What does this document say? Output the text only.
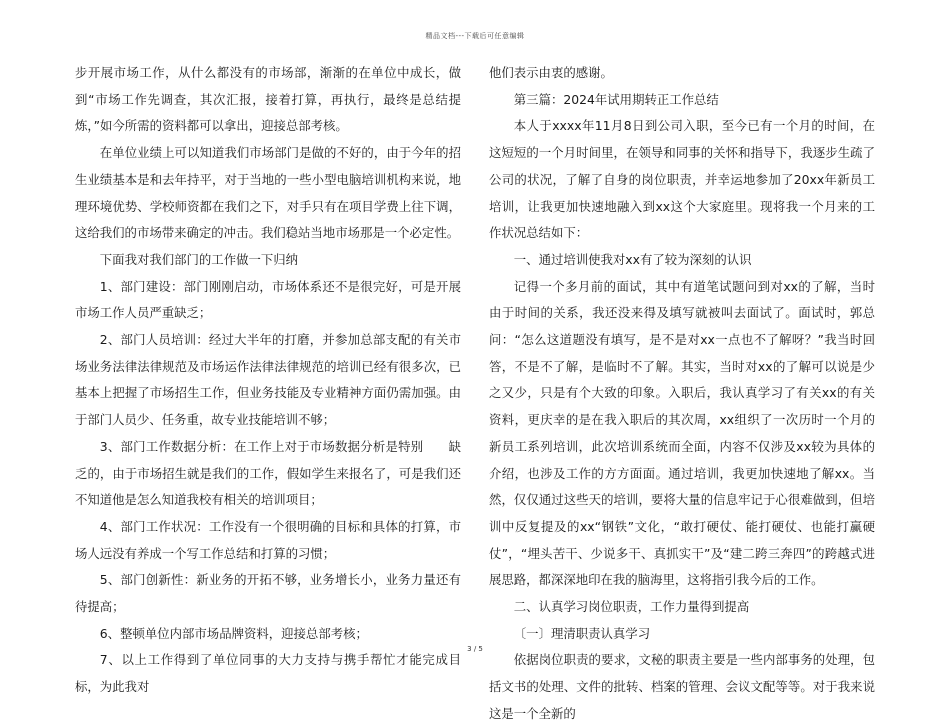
精品文档---下载后可任意编辑

步开展市场工作，从什么都没有的市场部，渐渐的在单位中成长，做到“市场工作先调查，其次汇报，接着打算，再执行，最终是总结提炼，”如今所需的资料都可以拿出，迎接总部考核。

在单位业绩上可以知道我们市场部门是做的不好的，由于今年的招生业绩基本是和去年持平，对于当地的一些小型电脑培训机构来说，地理环境优势、学校师资都在我们之下，对手只有在项目学费上往下调，这给我们的市场带来确定的冲击。我们稳站当地市场那是一个必定性。

下面我对我们部门的工作做一下归纳

1、部门建设：部门刚刚启动，市场体系还不是很完好，可是开展市场工作人员严重缺乏；

2、部门人员培训：经过大半年的打磨，并参加总部支配的有关市场业务法律法律规范及市场运作法律法律规范的培训已经有很多次，已基本上把握了市场招生工作，但业务技能及专业精神方面仍需加强。由于部门人员少、任务重，故专业技能培训不够；

3、部门工作数据分析：在工作上对于市场数据分析是特别　　缺乏的，由于市场招生就是我们的工作，假如学生来报名了，可是我们还不知道他是怎么知道我校有相关的培训项目；

4、部门工作状况：工作没有一个很明确的目标和具体的打算，市场人远没有养成一个写工作总结和打算的习惯；

5、部门创新性：新业务的开拓不够，业务增长小，业务力量还有待提高；

6、整顿单位内部市场品牌资料，迎接总部考核；

7、以上工作得到了单位同事的大力支持与携手帮忙才能完成目标，为此我对

他们表示由衷的感谢。

第三篇：2024年试用期转正工作总结

本人于xxxx年11月8日到公司入职，至今已有一个月的时间，在这短短的一个月时间里，在领导和同事的关怀和指导下，我逐步生疏了公司的状况，了解了自身的岗位职责，并幸运地参加了20xx年新员工培训，让我更加快速地融入到xx这个大家庭里。现将我一个月来的工作状况总结如下：

一、通过培训使我对xx有了较为深刻的认识

记得一个多月前的面试，其中有道笔试题问到对xx的了解，当时由于时间的关系，我还没来得及填写就被叫去面试了。面试时，郭总问：“怎么这道题没有填写，是不是对xx一点也不了解呀？”我当时回答，不是不了解，是临时不了解。其实，当时对xx的了解可以说是少之又少，只是有个大致的印象。入职后，我认真学习了有关xx的有关资料，更庆幸的是在我入职后的其次周，xx组织了一次历时一个月的新员工系列培训，此次培训系统而全面，内容不仅涉及xx较为具体的介绍，也涉及工作的方方面面。通过培训，我更加快速地了解xx。当然，仅仅通过这些天的培训，要将大量的信息牢记于心很难做到，但培训中反复提及的xx“钢铁”文化，“敢打硬仗、能打硬仗、也能打赢硬仗”，“埋头苦干、少说多干、真抓实干”及“建二跨三奔四”的跨越式进展思路，都深深地印在我的脑海里，这将指引我今后的工作。

二、认真学习岗位职责，工作力量得到提高

〔一〕理清职责认真学习

依据岗位职责的要求，文秘的职责主要是一些内部事务的处理，包括文书的处理、文件的批转、档案的管理、会议文配等等。对于我来说这是一个全新的

3 / 5
